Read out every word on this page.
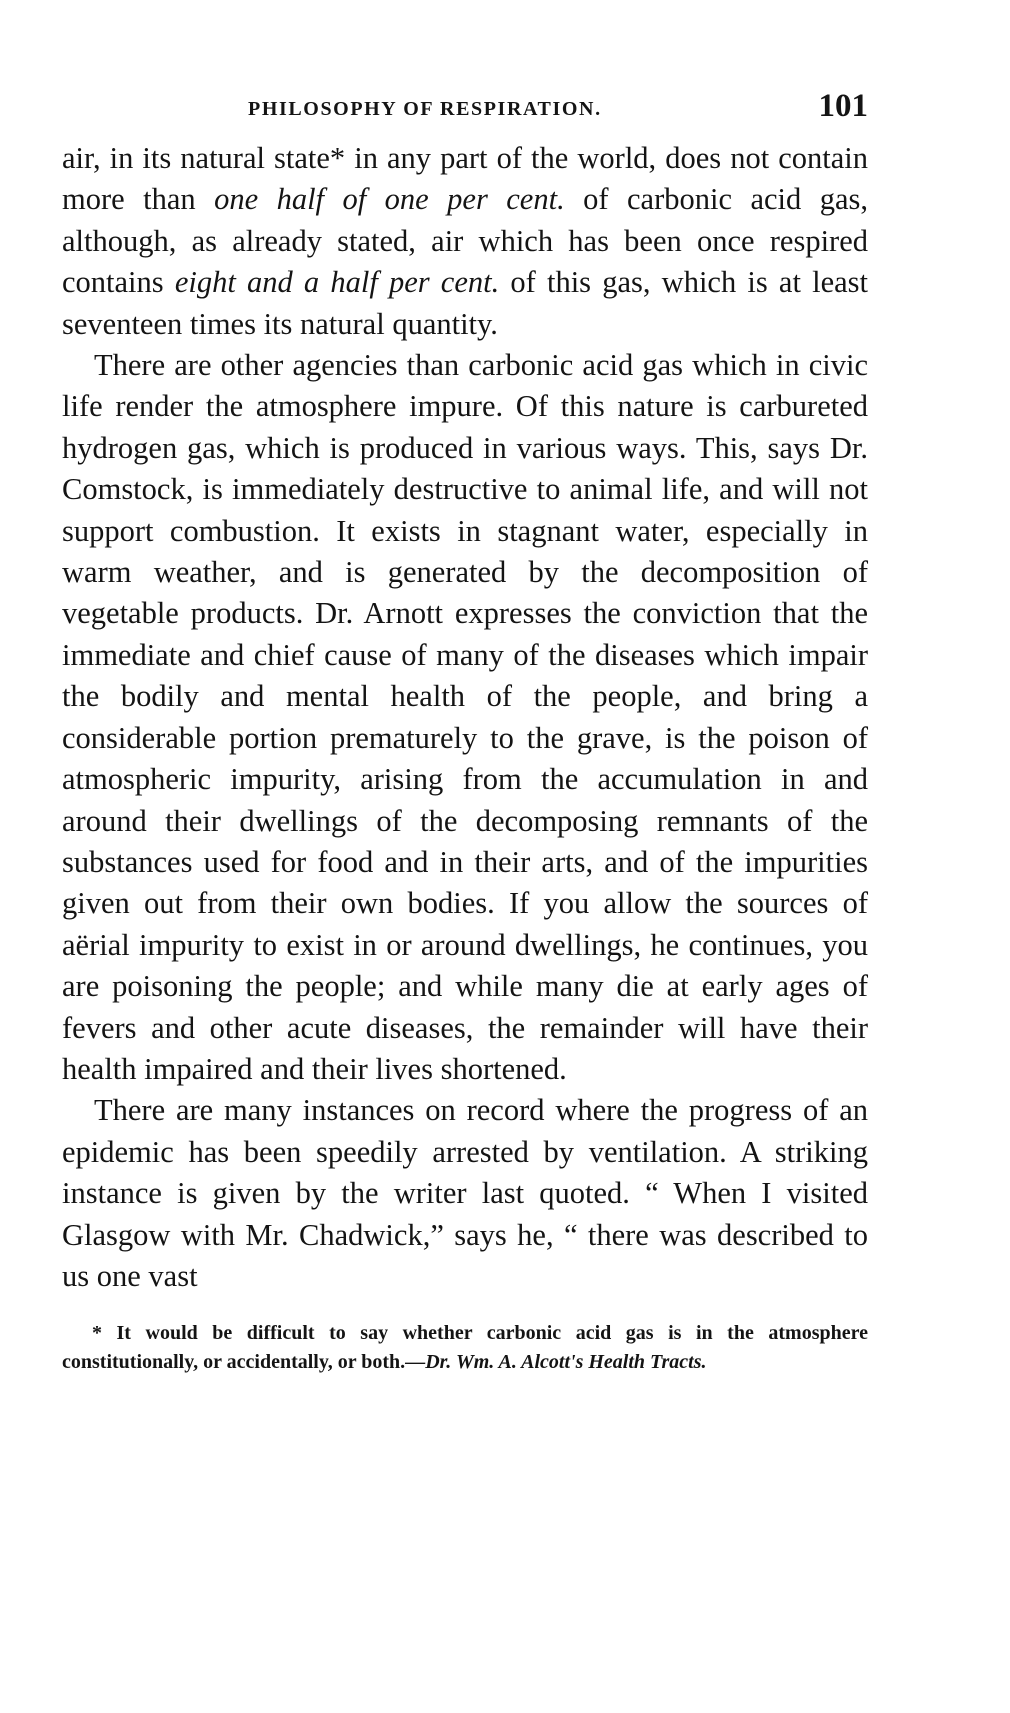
PHILOSOPHY OF RESPIRATION.	101

air, in its natural state* in any part of the world, does not contain more than one half of one per cent. of carbonic acid gas, although, as already stated, air which has been once respired contains eight and a half per cent. of this gas, which is at least seventeen times its natural quantity.

There are other agencies than carbonic acid gas which in civic life render the atmosphere impure. Of this nature is carbureted hydrogen gas, which is produced in various ways. This, says Dr. Comstock, is immediately destructive to animal life, and will not support combustion. It exists in stagnant water, especially in warm weather, and is generated by the decomposition of vegetable products. Dr. Arnott expresses the conviction that the immediate and chief cause of many of the diseases which impair the bodily and mental health of the people, and bring a considerable portion prematurely to the grave, is the poison of atmospheric impurity, arising from the accumulation in and around their dwellings of the decomposing remnants of the substances used for food and in their arts, and of the impurities given out from their own bodies. If you allow the sources of aërial impurity to exist in or around dwellings, he continues, you are poisoning the people; and while many die at early ages of fevers and other acute diseases, the remainder will have their health impaired and their lives shortened.

There are many instances on record where the progress of an epidemic has been speedily arrested by ventilation. A striking instance is given by the writer last quoted. “ When I visited Glasgow with Mr. Chadwick,” says he, “ there was described to us one vast

* It would be difficult to say whether carbonic acid gas is in the atmosphere constitutionally, or accidentally, or both.—Dr. Wm. A. Alcott's Health Tracts.
